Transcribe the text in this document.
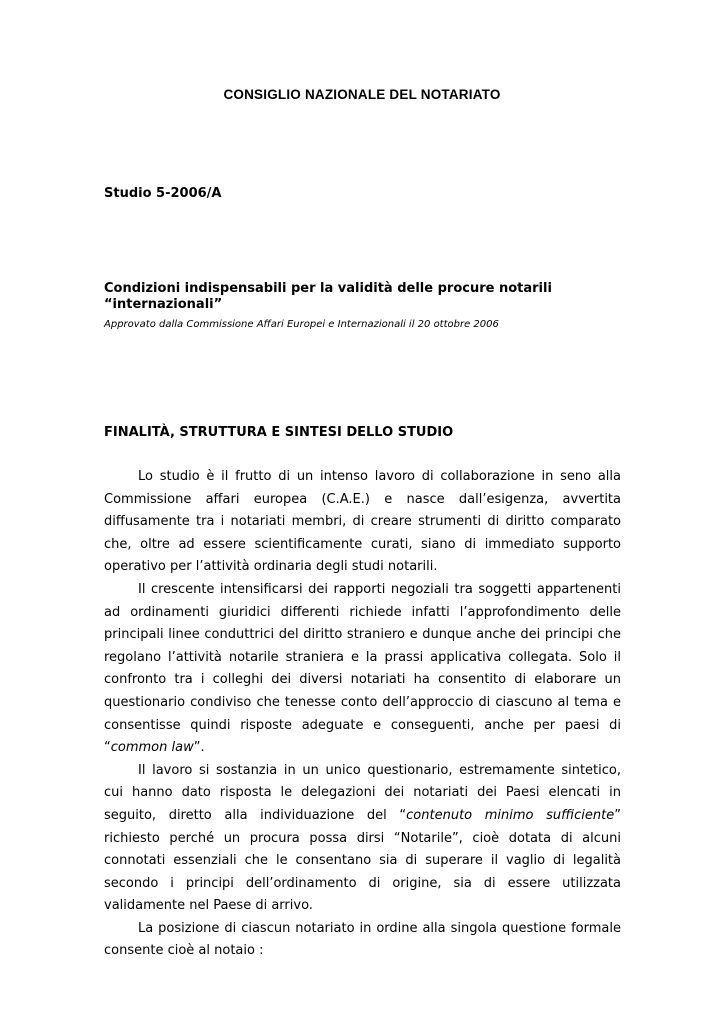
CONSIGLIO NAZIONALE DEL NOTARIATO
Studio 5-2006/A
Condizioni indispensabili per la validità delle procure notarili
“internazionali”
Approvato dalla Commissione Affari Europei e Internazionali il 20 ottobre 2006
FINALITÀ, STRUTTURA E SINTESI DELLO STUDIO

Lo studio è il frutto di un intenso lavoro di collaborazione in seno alla Commissione affari europea (C.A.E.) e nasce dall’esigenza, avvertita diffusamente tra i notariati membri, di creare strumenti di diritto comparato che, oltre ad essere scientificamente curati, siano di immediato supporto operativo per l’attività ordinaria degli studi notarili.

Il crescente intensificarsi dei rapporti negoziali tra soggetti appartenenti ad ordinamenti giuridici differenti richiede infatti l’approfondimento delle principali linee conduttrici del diritto straniero e dunque anche dei principi che regolano l’attività notarile straniera e la prassi applicativa collegata. Solo il confronto tra i colleghi dei diversi notariati ha consentito di elaborare un questionario condiviso che tenesse conto dell’approccio di ciascuno al tema e consentisse quindi risposte adeguate e conseguenti, anche per paesi di “common law”.

Il lavoro si sostanzia in un unico questionario, estremamente sintetico, cui hanno dato risposta le delegazioni dei notariati dei Paesi elencati in seguito, diretto alla individuazione del “contenuto minimo sufficiente” richiesto perché un procura possa dirsi “Notarile”, cioè dotata di alcuni connotati essenziali che le consentano sia di superare il vaglio di legalità secondo i principi dell’ordinamento di origine, sia di essere utilizzata validamente nel Paese di arrivo.

La posizione di ciascun notariato in ordine alla singola questione formale consente cioè al notaio :
